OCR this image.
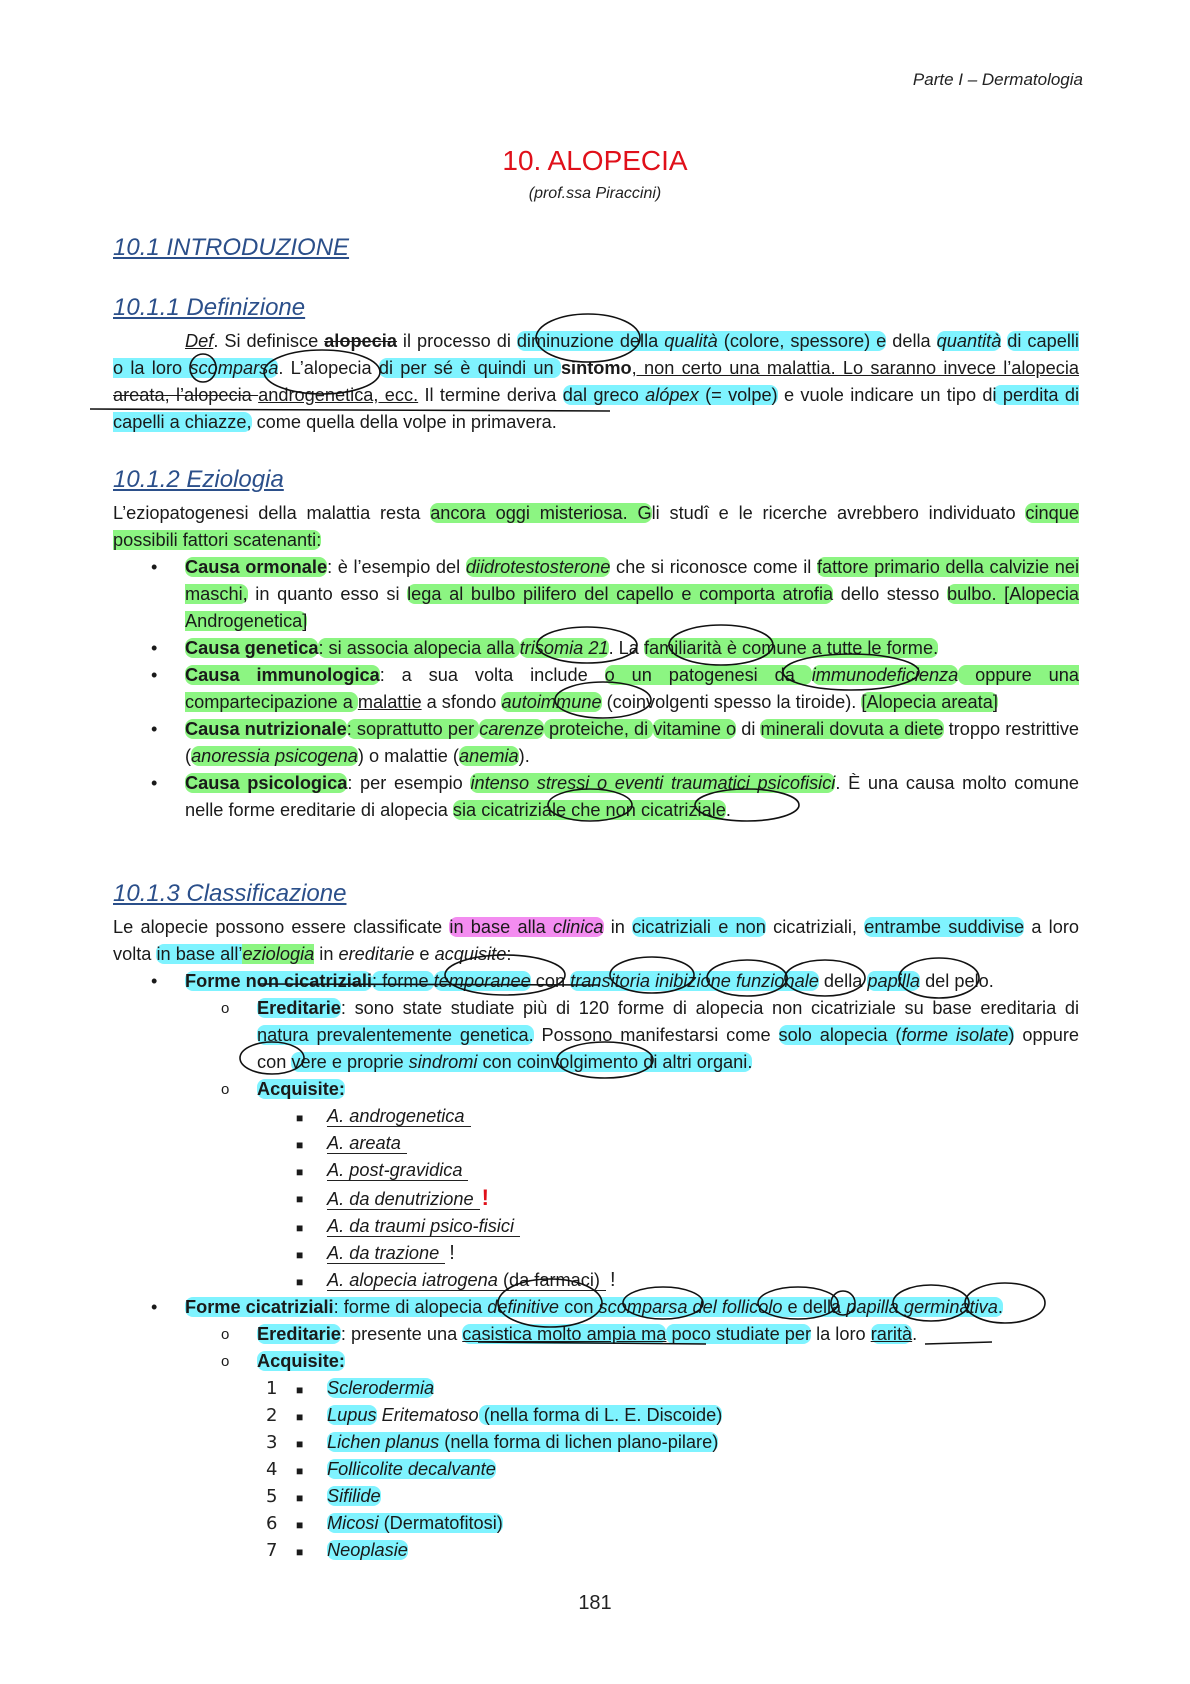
Parte I – Dermatologia
10. ALOPECIA
(prof.ssa Piraccini)
10.1 INTRODUZIONE
10.1.1 Definizione

Def. Si definisce alopecia il processo di diminuzione della qualità (colore, spessore) e della quantità di capelli o la loro scomparsa. L’alopecia di per sé è quindi un sintomo, non certo una malattia. Lo saranno invece l’alopecia areata, l’alopecia androgenetica, ecc. Il termine deriva dal greco alópex (= volpe) e vuole indicare un tipo di perdita di capelli a chiazze, come quella della volpe in primavera.

10.1.2 Eziologia

L’eziopatogenesi della malattia resta ancora oggi misteriosa. Gli studî e le ricerche avrebbero individuato cinque possibili fattori scatenanti:

• Causa ormonale: è l’esempio del diidrotestosterone che si riconosce come il fattore primario della calvizie nei maschi, in quanto esso si lega al bulbo pilifero del capello e comporta atrofia dello stesso bulbo. [Alopecia Androgenetica]
• Causa genetica: si associa alopecia alla trisomia 21. La familiarità è comune a tutte le forme.
• Causa immunologica: a sua volta include o un patogenesi da immunodeficienza oppure una compartecipazione a malattie a sfondo autoimmune (coinvolgenti spesso la tiroide). [Alopecia areata]
• Causa nutrizionale: soprattutto per carenze proteiche, di vitamine o di minerali dovuta a diete troppo restrittive (anoressia psicogena) o malattie (anemia).
• Causa psicologica: per esempio intenso stressi o eventi traumatici psicofisici. È una causa molto comune nelle forme ereditarie di alopecia sia cicatriziale che non cicatriziale.
10.1.3 Classificazione

Le alopecie possono essere classificate in base alla clinica in cicatriziali e non cicatriziali, entrambe suddivise a loro volta in base all’eziologia in ereditarie e acquisite:

• Forme non cicatriziali: forme temporanee con transitoria inibizione funzionale della papilla del pelo.
o Ereditarie: sono state studiate più di 120 forme di alopecia non cicatriziale su base ereditaria di natura prevalentemente genetica. Possono manifestarsi come solo alopecia (forme isolate) oppure con vere e proprie sindromi con coinvolgimento di altri organi.
o Acquisite:
■ A. androgenetica
■ A. areata
■ A. post-gravidica
■ A. da denutrizione !
■ A. da traumi psico-fisici
■ A. da trazione !
■ A. alopecia iatrogena (da farmaci) !
• Forme cicatriziali: forme di alopecia definitive con scomparsa del follicolo e della papilla germinativa.
o Ereditarie: presente una casistica molto ampia ma poco studiate per la loro rarità.
o Acquisite:
1 ■ Sclerodermia
2 ■ Lupus Eritematoso (nella forma di L. E. Discoide)
3 ■ Lichen planus (nella forma di lichen plano-pilare)
4 ■ Follicolite decalvante
5 ■ Sifilide
6 ■ Micosi (Dermatofitosi)
7 ■ Neoplasie
181
